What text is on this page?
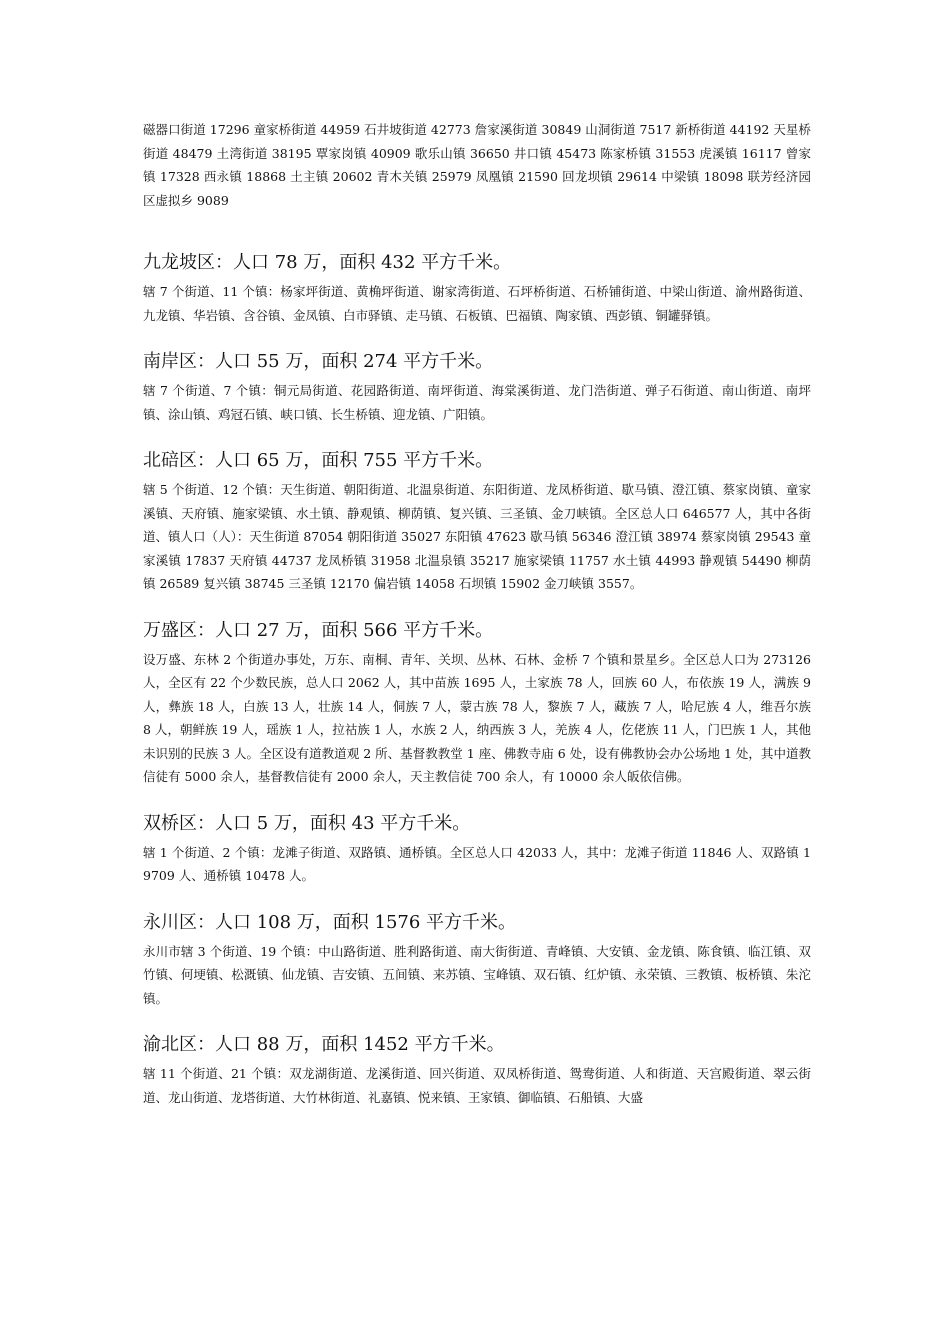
磁器口街道 17296 童家桥街道 44959 石井坡街道 42773 詹家溪街道 30849 山洞街道 7517 新桥街道 44192 天星桥街道 48479 土湾街道 38195 覃家岗镇 40909 歌乐山镇 36650 井口镇 45473 陈家桥镇 31553 虎溪镇 16117 曾家镇 17328 西永镇 18868 土主镇 20602 青木关镇 25979 凤凰镇 21590 回龙坝镇 29614 中梁镇 18098 联芳经济园区虚拟乡 9089

九龙坡区：人口 78 万，面积 432 平方千米。

辖 7 个街道、11 个镇：杨家坪街道、黄桷坪街道、谢家湾街道、石坪桥街道、石桥铺街道、中梁山街道、渝州路街道、九龙镇、华岩镇、含谷镇、金凤镇、白市驿镇、走马镇、石板镇、巴福镇、陶家镇、西彭镇、铜罐驿镇。

南岸区：人口 55 万，面积 274 平方千米。

辖 7 个街道、7 个镇：铜元局街道、花园路街道、南坪街道、海棠溪街道、龙门浩街道、弹子石街道、南山街道、南坪镇、涂山镇、鸡冠石镇、峡口镇、长生桥镇、迎龙镇、广阳镇。

北碚区：人口 65 万，面积 755 平方千米。

辖 5 个街道、12 个镇：天生街道、朝阳街道、北温泉街道、东阳街道、龙凤桥街道、歇马镇、澄江镇、蔡家岗镇、童家溪镇、天府镇、施家梁镇、水土镇、静观镇、柳荫镇、复兴镇、三圣镇、金刀峡镇。全区总人口 646577 人，其中各街道、镇人口（人）：天生街道 87054 朝阳街道 35027 东阳镇 47623 歇马镇 56346 澄江镇 38974 蔡家岗镇 29543 童家溪镇 17837 天府镇 44737 龙凤桥镇 31958 北温泉镇 35217 施家梁镇 11757 水土镇 44993 静观镇 54490 柳荫镇 26589 复兴镇 38745 三圣镇 12170 偏岩镇 14058 石坝镇 15902 金刀峡镇 3557。

万盛区：人口 27 万，面积 566 平方千米。

设万盛、东林 2 个街道办事处，万东、南桐、青年、关坝、丛林、石林、金桥 7 个镇和景星乡。全区总人口为 273126 人，全区有 22 个少数民族，总人口 2062 人，其中苗族 1695 人，土家族 78 人，回族 60 人，布依族 19 人，满族 9 人，彝族 18 人，白族 13 人，壮族 14 人，侗族 7 人，蒙古族 78 人，黎族 7 人，藏族 7 人，哈尼族 4 人，维吾尔族 8 人，朝鲜族 19 人，瑶族 1 人，拉祜族 1 人，水族 2 人，纳西族 3 人，羌族 4 人，仡佬族 11 人，门巴族 1 人，其他未识别的民族 3 人。全区设有道教道观 2 所、基督教教堂 1 座、佛教寺庙 6 处，设有佛教协会办公场地 1 处，其中道教信徒有 5000 余人，基督教信徒有 2000 余人，天主教信徒 700 余人，有 10000 余人皈依信佛。

双桥区：人口 5 万，面积 43 平方千米。

辖 1 个街道、2 个镇：龙滩子街道、双路镇、通桥镇。全区总人口 42033 人，其中：龙滩子街道 11846 人、双路镇 19709 人、通桥镇 10478 人。

永川区：人口 108 万，面积 1576 平方千米。

永川市辖 3 个街道、19 个镇：中山路街道、胜利路街道、南大街街道、青峰镇、大安镇、金龙镇、陈食镇、临江镇、双竹镇、何埂镇、松溉镇、仙龙镇、吉安镇、五间镇、来苏镇、宝峰镇、双石镇、红炉镇、永荣镇、三教镇、板桥镇、朱沱镇。

渝北区：人口 88 万，面积 1452 平方千米。

辖 11 个街道、21 个镇：双龙湖街道、龙溪街道、回兴街道、双凤桥街道、鸳鸯街道、人和街道、天宫殿街道、翠云街道、龙山街道、龙塔街道、大竹林街道、礼嘉镇、悦来镇、王家镇、御临镇、石船镇、大盛
